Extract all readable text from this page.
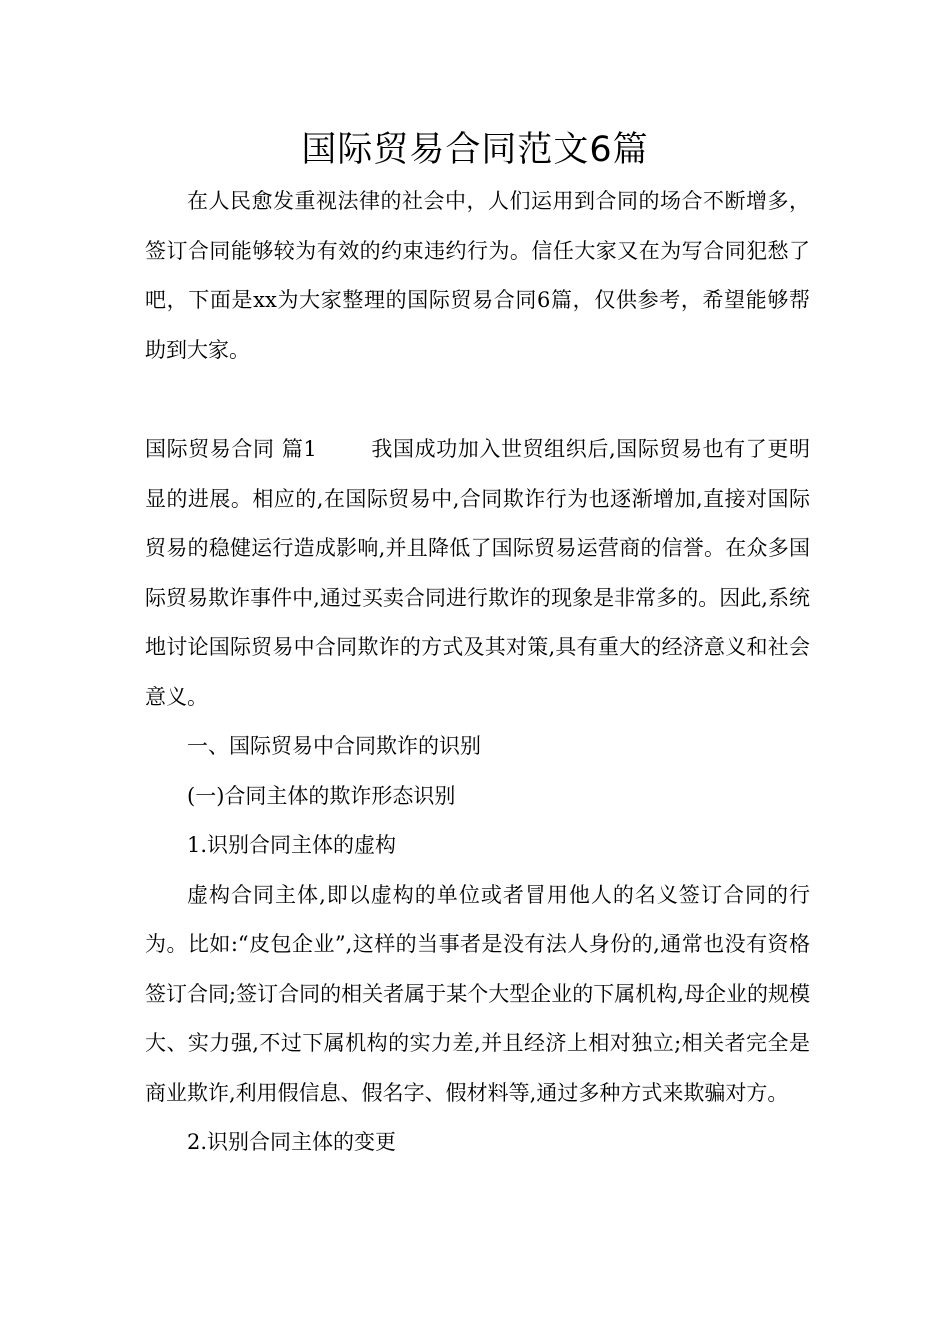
国际贸易合同范文6篇

在人民愈发重视法律的社会中，人们运用到合同的场合不断增多，签订合同能够较为有效的约束违约行为。信任大家又在为写合同犯愁了吧，下面是xx为大家整理的国际贸易合同6篇，仅供参考，希望能够帮助到大家。

国际贸易合同 篇1	我国成功加入世贸组织后,国际贸易也有了更明显的进展。相应的,在国际贸易中,合同欺诈行为也逐渐增加,直接对国际贸易的稳健运行造成影响,并且降低了国际贸易运营商的信誉。在众多国际贸易欺诈事件中,通过买卖合同进行欺诈的现象是非常多的。因此,系统地讨论国际贸易中合同欺诈的方式及其对策,具有重大的经济意义和社会意义。

一、国际贸易中合同欺诈的识别

(一)合同主体的欺诈形态识别

1.识别合同主体的虚构

虚构合同主体,即以虚构的单位或者冒用他人的名义签订合同的行为。比如:“皮包企业”,这样的当事者是没有法人身份的,通常也没有资格签订合同;签订合同的相关者属于某个大型企业的下属机构,母企业的规模大、实力强,不过下属机构的实力差,并且经济上相对独立;相关者完全是商业欺诈,利用假信息、假名字、假材料等,通过多种方式来欺骗对方。

2.识别合同主体的变更
